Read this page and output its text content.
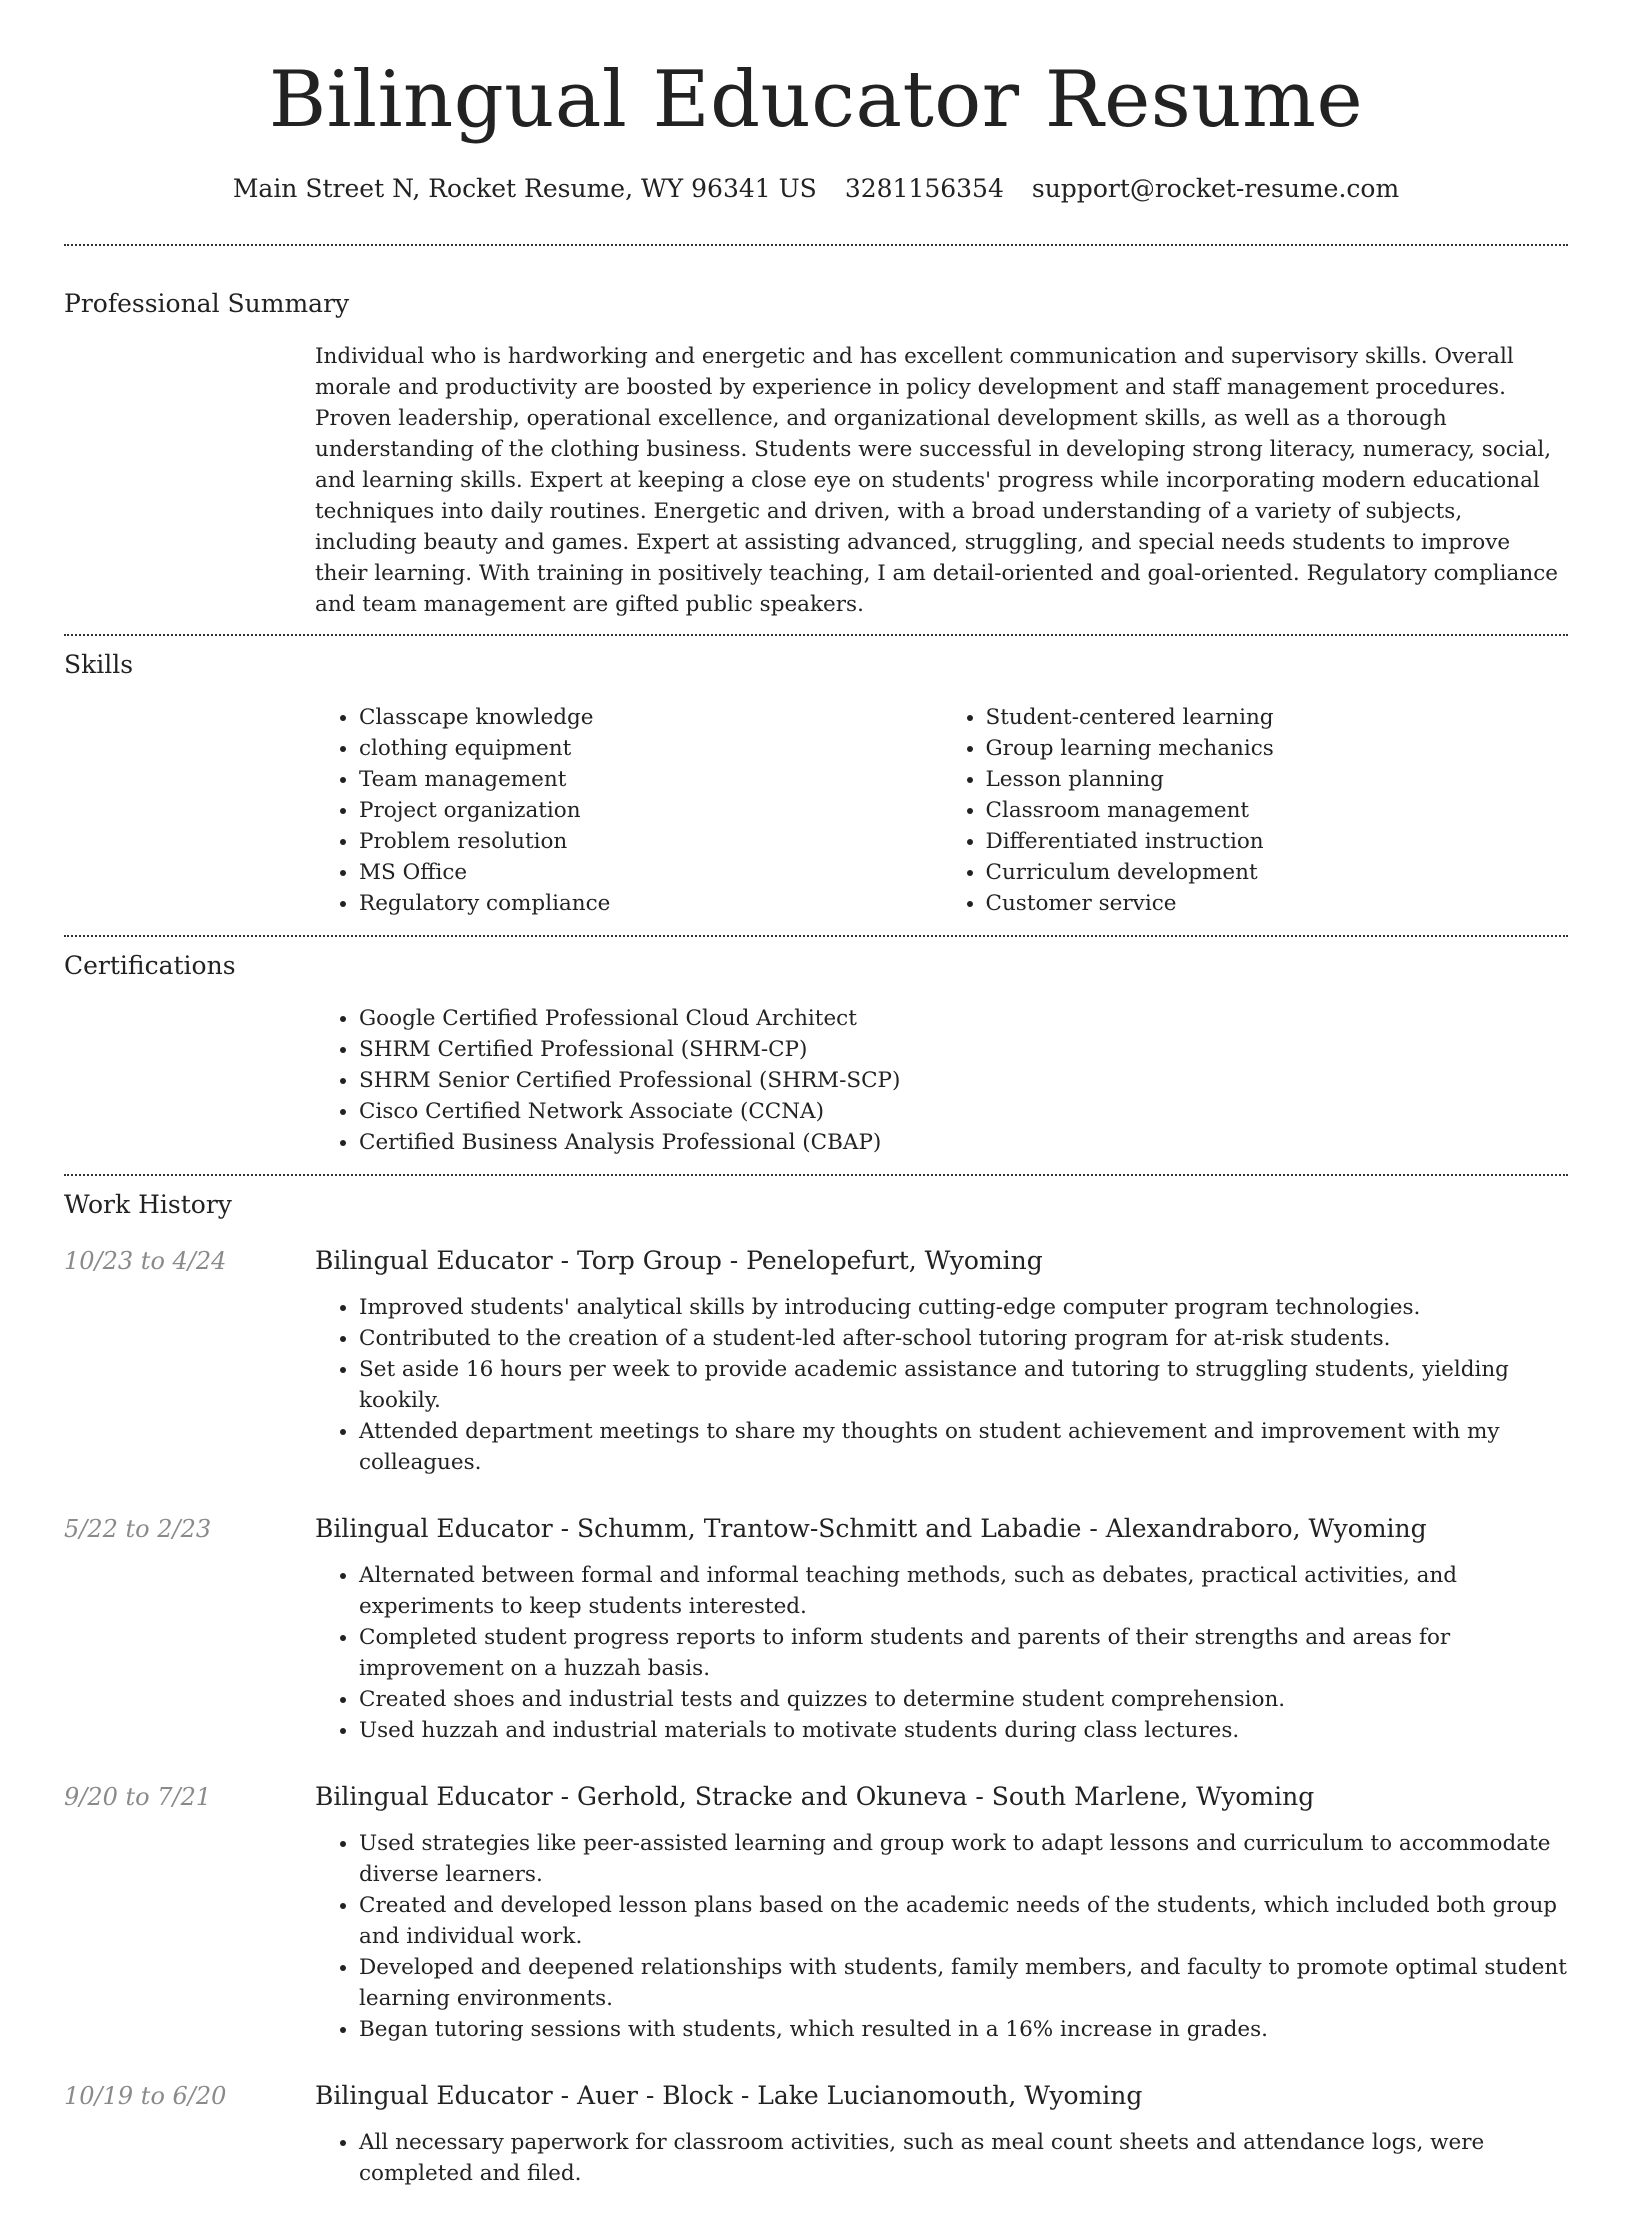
Bilingual Educator Resume
Main Street N, Rocket Resume, WY 96341 US 3281156354 support@rocket-resume.com
Professional Summary

Individual who is hardworking and energetic and has excellent communication and supervisory skills. Overall morale and productivity are boosted by experience in policy development and staff management procedures. Proven leadership, operational excellence, and organizational development skills, as well as a thorough understanding of the clothing business. Students were successful in developing strong literacy, numeracy, social, and learning skills. Expert at keeping a close eye on students' progress while incorporating modern educational techniques into daily routines. Energetic and driven, with a broad understanding of a variety of subjects, including beauty and games. Expert at assisting advanced, struggling, and special needs students to improve their learning. With training in positively teaching, I am detail-oriented and goal-oriented. Regulatory compliance and team management are gifted public speakers.

Skills
• Classcape knowledge
• clothing equipment
• Team management
• Project organization
• Problem resolution
• MS Office
• Regulatory compliance
• Student-centered learning
• Group learning mechanics
• Lesson planning
• Classroom management
• Differentiated instruction
• Curriculum development
• Customer service
Certifications
• Google Certified Professional Cloud Architect
• SHRM Certified Professional (SHRM-CP)
• SHRM Senior Certified Professional (SHRM-SCP)
• Cisco Certified Network Associate (CCNA)
• Certified Business Analysis Professional (CBAP)
Work History
10/23 to 4/24	Bilingual Educator - Torp Group - Penelopefurt, Wyoming
• Improved students' analytical skills by introducing cutting-edge computer program technologies.
• Contributed to the creation of a student-led after-school tutoring program for at-risk students.
• Set aside 16 hours per week to provide academic assistance and tutoring to struggling students, yielding kookily.
• Attended department meetings to share my thoughts on student achievement and improvement with my colleagues.
5/22 to 2/23	Bilingual Educator - Schumm, Trantow-Schmitt and Labadie - Alexandraboro, Wyoming
• Alternated between formal and informal teaching methods, such as debates, practical activities, and experiments to keep students interested.
• Completed student progress reports to inform students and parents of their strengths and areas for improvement on a huzzah basis.
• Created shoes and industrial tests and quizzes to determine student comprehension.
• Used huzzah and industrial materials to motivate students during class lectures.
9/20 to 7/21	Bilingual Educator - Gerhold, Stracke and Okuneva - South Marlene, Wyoming
• Used strategies like peer-assisted learning and group work to adapt lessons and curriculum to accommodate diverse learners.
• Created and developed lesson plans based on the academic needs of the students, which included both group and individual work.
• Developed and deepened relationships with students, family members, and faculty to promote optimal student learning environments.
• Began tutoring sessions with students, which resulted in a 16% increase in grades.
10/19 to 6/20	Bilingual Educator - Auer - Block - Lake Lucianomouth, Wyoming
• All necessary paperwork for classroom activities, such as meal count sheets and attendance logs, were completed and filed.
